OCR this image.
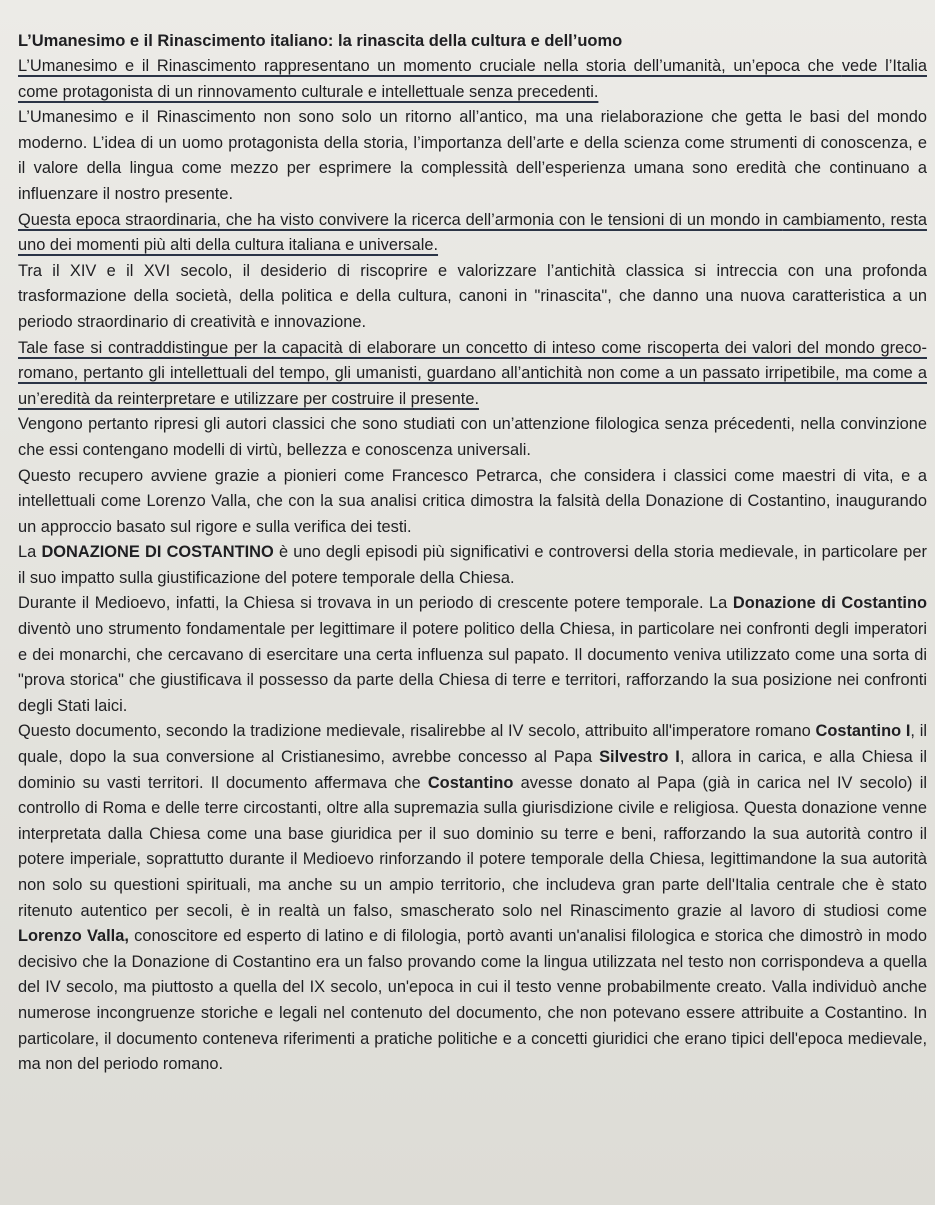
L’Umanesimo e il Rinascimento italiano: la rinascita della cultura e dell’uomo

L’Umanesimo e il Rinascimento rappresentano un momento cruciale nella storia dell’umanità, un’epoca che vede l’Italia come protagonista di un rinnovamento culturale e intellettuale senza precedenti.

L’Umanesimo e il Rinascimento non sono solo un ritorno all’antico, ma una rielaborazione che getta le basi del mondo moderno. L’idea di un uomo protagonista della storia, l’importanza dell’arte e della scienza come strumenti di conoscenza, e il valore della lingua come mezzo per esprimere la complessità dell’esperienza umana sono eredità che continuano a influenzare il nostro presente.

Questa epoca straordinaria, che ha visto convivere la ricerca dell’armonia con le tensioni di un mondo in cambiamento, resta uno dei momenti più alti della cultura italiana e universale.

Tra il XIV e il XVI secolo, il desiderio di riscoprire e valorizzare l’antichità classica si intreccia con una profonda trasformazione della società, della politica e della cultura, canoni in "rinascita", che danno una nuova caratteristica a un periodo straordinario di creatività e innovazione.

Tale fase si contraddistingue per la capacità di elaborare un concetto di inteso come riscoperta dei valori del mondo greco-romano, pertanto gli intellettuali del tempo, gli umanisti, guardano all’antichità non come a un passato irripetibile, ma come a un’eredità da reinterpretare e utilizzare per costruire il presente.

Vengono pertanto ripresi gli autori classici che sono studiati con un’attenzione filologica senza précedenti, nella convinzione che essi contengano modelli di virtù, bellezza e conoscenza universali.

Questo recupero avviene grazie a pionieri come Francesco Petrarca, che considera i classici come maestri di vita, e a intellettuali come Lorenzo Valla, che con la sua analisi critica dimostra la falsità della Donazione di Costantino, inaugurando un approccio basato sul rigore e sulla verifica dei testi.

La DONAZIONE DI COSTANTINO è uno degli episodi più significativi e controversi della storia medievale, in particolare per il suo impatto sulla giustificazione del potere temporale della Chiesa.

Durante il Medioevo, infatti, la Chiesa si trovava in un periodo di crescente potere temporale. La Donazione di Costantino diventò uno strumento fondamentale per legittimare il potere politico della Chiesa, in particolare nei confronti degli imperatori e dei monarchi, che cercavano di esercitare una certa influenza sul papato. Il documento veniva utilizzato come una sorta di "prova storica" che giustificava il possesso da parte della Chiesa di terre e territori, rafforzando la sua posizione nei confronti degli Stati laici.

Questo documento, secondo la tradizione medievale, risalirebbe al IV secolo, attribuito all'imperatore romano Costantino I, il quale, dopo la sua conversione al Cristianesimo, avrebbe concesso al Papa Silvestro I, allora in carica, e alla Chiesa il dominio su vasti territori. Il documento affermava che Costantino avesse donato al Papa (già in carica nel IV secolo) il controllo di Roma e delle terre circostanti, oltre alla supremazia sulla giurisdizione civile e religiosa. Questa donazione venne interpretata dalla Chiesa come una base giuridica per il suo dominio su terre e beni, rafforzando la sua autorità contro il potere imperiale, soprattutto durante il Medioevo rinforzando il potere temporale della Chiesa, legittimandone la sua autorità non solo su questioni spirituali, ma anche su un ampio territorio, che includeva gran parte dell'Italia centrale che è stato ritenuto autentico per secoli, è in realtà un falso, smascherato solo nel Rinascimento grazie al lavoro di studiosi come Lorenzo Valla, conoscitore ed esperto di latino e di filologia, portò avanti un'analisi filologica e storica che dimostrò in modo decisivo che la Donazione di Costantino era un falso provando come la lingua utilizzata nel testo non corrispondeva a quella del IV secolo, ma piuttosto a quella del IX secolo, un'epoca in cui il testo venne probabilmente creato. Valla individuò anche numerose incongruenze storiche e legali nel contenuto del documento, che non potevano essere attribuite a Costantino. In particolare, il documento conteneva riferimenti a pratiche politiche e a concetti giuridici che erano tipici dell'epoca medievale, ma non del periodo romano.
